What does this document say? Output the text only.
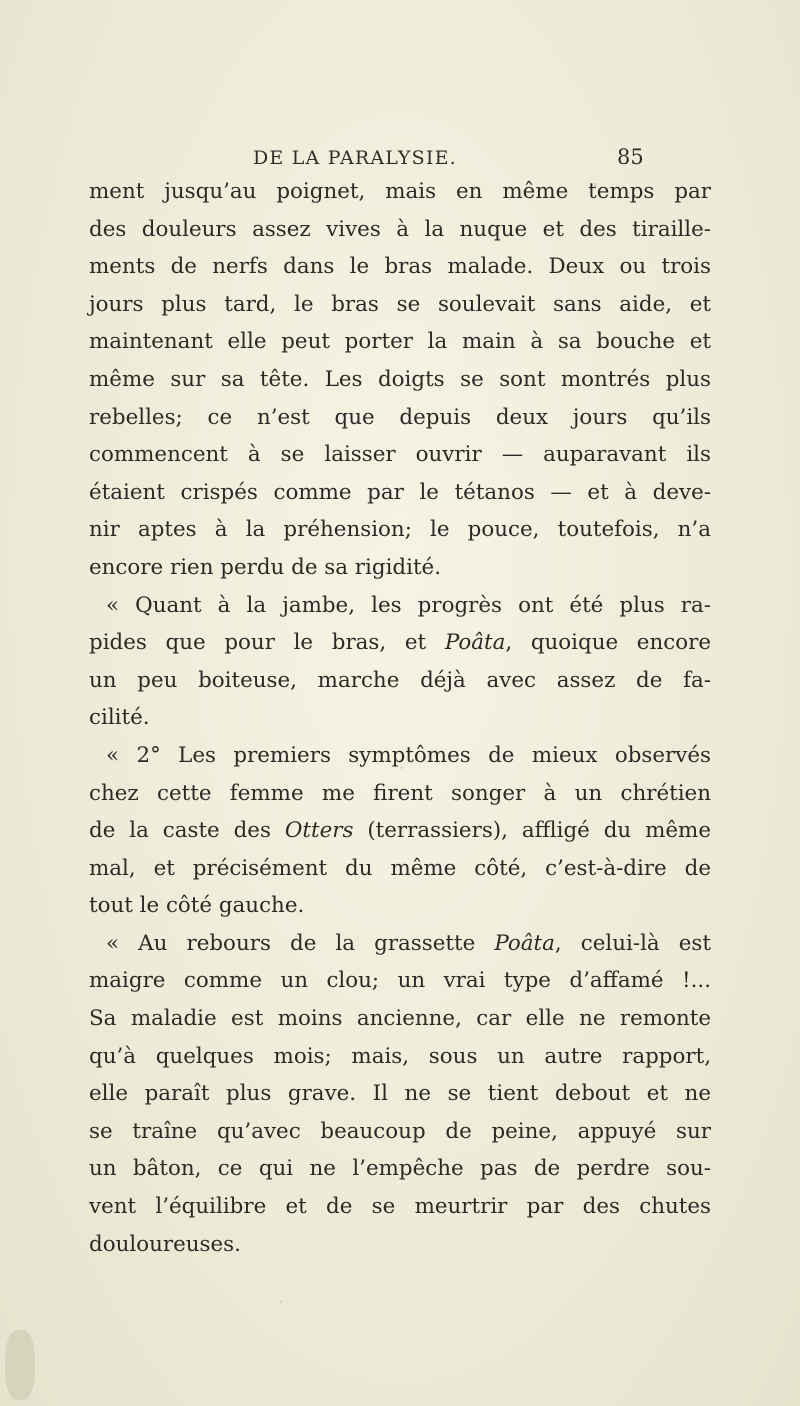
DE LA PARALYSIE.	85
ment jusqu’au poignet, mais en même temps par
des douleurs assez vives à la nuque et des tiraille-
ments de nerfs dans le bras malade. Deux ou trois
jours plus tard, le bras se soulevait sans aide, et
maintenant elle peut porter la main à sa bouche et
même sur sa tête. Les doigts se sont montrés plus
rebelles; ce n’est que depuis deux jours qu’ils
commencent à se laisser ouvrir — auparavant ils
étaient crispés comme par le tétanos — et à deve-
nir aptes à la préhension; le pouce, toutefois, n’a
encore rien perdu de sa rigidité.
« Quant à la jambe, les progrès ont été plus ra-
pides que pour le bras, et Poâta, quoique encore
un peu boiteuse, marche déjà avec assez de fa-
cilité.
« 2° Les premiers symptômes de mieux observés
chez cette femme me firent songer à un chrétien
de la caste des Otters (terrassiers), affligé du même
mal, et précisément du même côté, c’est-à-dire de
tout le côté gauche.
« Au rebours de la grassette Poâta, celui-là est
maigre comme un clou; un vrai type d’affamé !...
Sa maladie est moins ancienne, car elle ne remonte
qu’à quelques mois; mais, sous un autre rapport,
elle paraît plus grave. Il ne se tient debout et ne
se traîne qu’avec beaucoup de peine, appuyé sur
un bâton, ce qui ne l’empêche pas de perdre sou-
vent l’équilibre et de se meurtrir par des chutes
douloureuses.
